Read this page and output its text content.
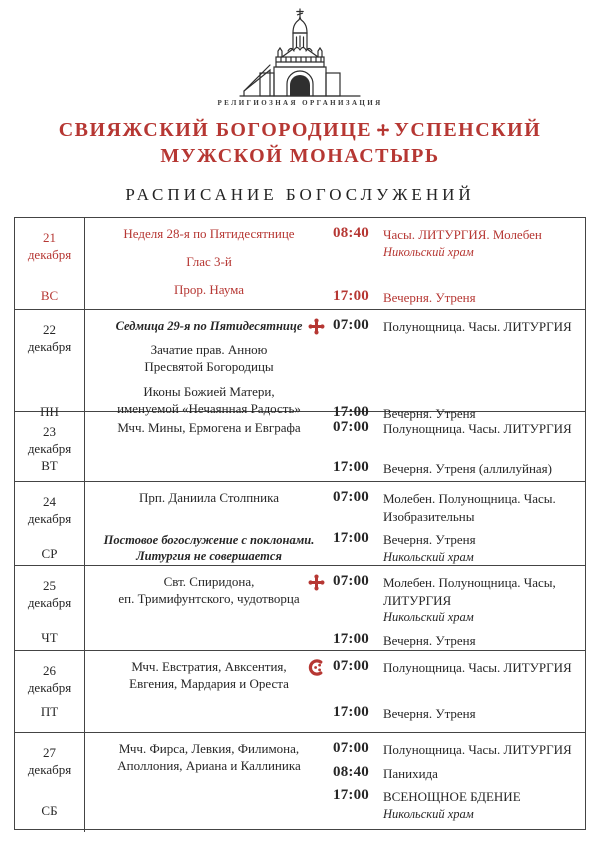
РЕЛИГИОЗНАЯ ОРГАНИЗАЦИЯ
СВИЯЖСКИЙ БОГОРОДИЦЕ УСПЕНСКИЙ
МУЖСКОЙ МОНАСТЫРЬ
РАСПИСАНИЕ БОГОСЛУЖЕНИЙ
21
декабря
ВС
Неделя 28-я по Пятидесятнице
Глас 3-й
Прор. Наума
08:40	Часы. ЛИТУРГИЯ. Молебен
Никольский храм
17:00	Вечерня. Утреня
22
декабря
ПН
Седмица 29-я по Пятидесятнице
Зачатие прав. Анною
Пресвятой Богородицы
Иконы Божией Матери,
именуемой «Нечаянная Радость»
07:00	Полунощница. Часы. ЛИТУРГИЯ
17:00	Вечерня. Утреня
23
декабря
ВТ
Мчч. Мины, Ермогена и Евграфа 07:00	Полунощница. Часы. ЛИТУРГИЯ
17:00	Вечерня. Утреня (аллилуйная)
24
декабря
СР
Прп. Даниила Столпника
Постовое богослужение с поклонами.
Литургия не совершается
07:00	Молебен. Полунощница. Часы.
Изобразительны
17:00	Вечерня. Утреня
Никольский храм
25
декабря
ЧТ
Свт. Спиридона,
еп. Тримифунтского, чудотворца
07:00	Молебен. Полунощница. Часы,
ЛИТУРГИЯ
Никольский храм
17:00	Вечерня. Утреня
26
декабря
ПТ
Мчч. Евстратия, Авксентия,
Евгения, Мардария и Ореста
07:00	Полунощница. Часы. ЛИТУРГИЯ
17:00	Вечерня. Утреня
27
декабря
СБ
Мчч. Фирса, Левкия, Филимона,
Аполлония, Ариана и Каллиника
07:00	Полунощница. Часы. ЛИТУРГИЯ
08:40	Панихида
17:00	ВСЕНОЩНОЕ БДЕНИЕ
Никольский храм
